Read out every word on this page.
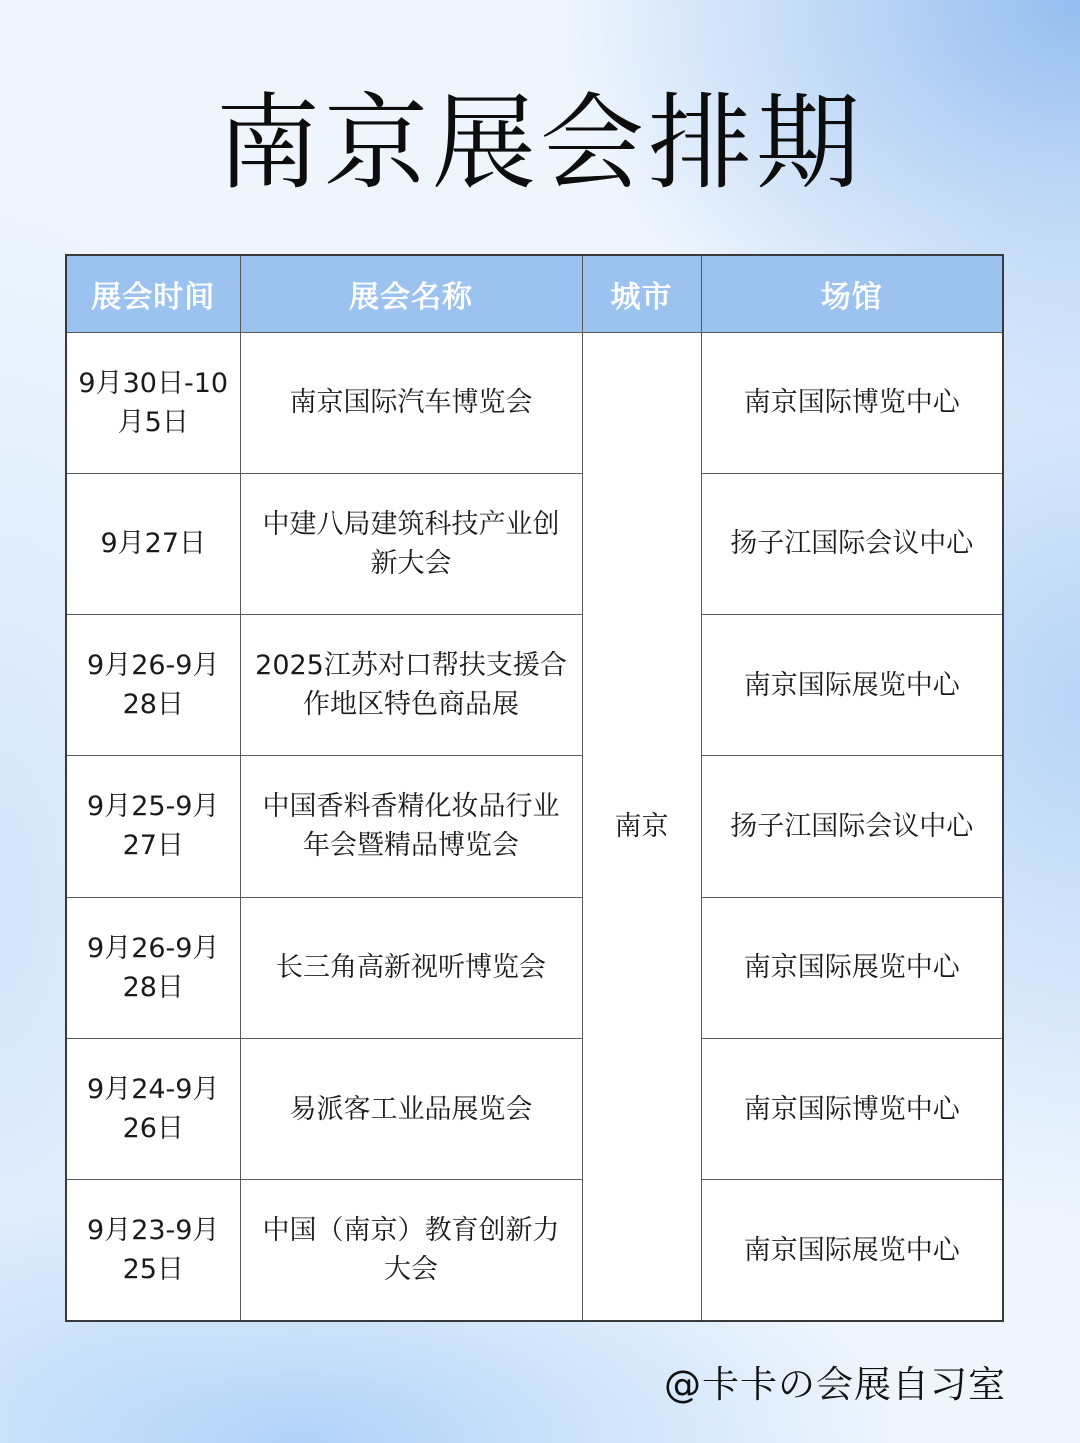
南京展会排期
展会时间	展会名称	城市	场馆
9月30日-10月5日	南京国际汽车博览会	南京	南京国际博览中心
9月27日	中建八局建筑科技产业创新大会		扬子江国际会议中心
9月26-9月28日	2025江苏对口帮扶支援合作地区特色商品展		南京国际展览中心
9月25-9月27日	中国香料香精化妆品行业年会暨精品博览会		扬子江国际会议中心
9月26-9月28日	长三角高新视听博览会		南京国际展览中心
9月24-9月26日	易派客工业品展览会		南京国际博览中心
9月23-9月25日	中国（南京）教育创新力大会		南京国际展览中心
@卡卡の会展自习室
